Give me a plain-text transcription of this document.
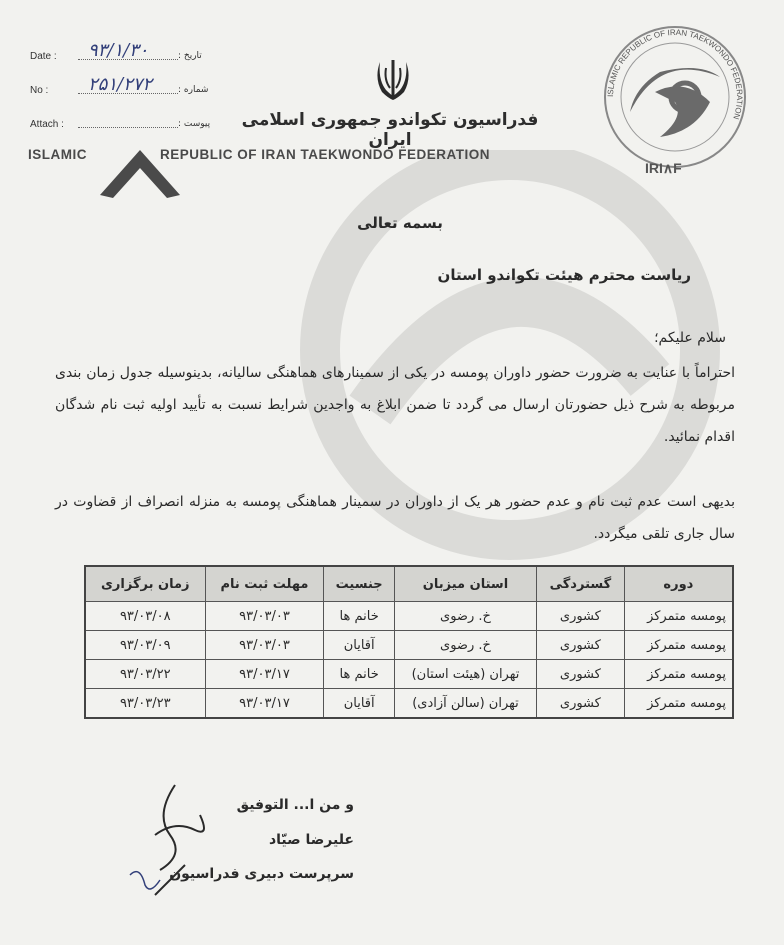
Date : ۹۳/۱/۳۰	تاریخ :
No : ۲۵۱/۲۷۲	شماره :
Attach :	پیوست : فدراسیون تکواندو جمهوری اسلامی ایران
ISLAMIC	REPUBLIC OF IRAN TAEKWONDO FEDERATION
ISLAMIC REPUBLIC OF IRAN TAEKWONDO FEDERATION
IRI∧F
بسمه تعالی
ریاست محترم هیئت تکواندو استان
سلام علیکم؛
احتراماً با عنایت به ضرورت حضور داوران پومسه در یکی از سمینارهای هماهنگی سالیانه، بدینوسیله جدول زمان بندی مربوطه به شرح ذیل حضورتان ارسال می گردد تا ضمن ابلاغ به واجدین شرایط نسبت به تأیید اولیه ثبت نام شدگان اقدام نمائید.
بدیهی است عدم ثبت نام و عدم حضور هر یک از داوران در سمینار هماهنگی پومسه به منزله انصراف از قضاوت در سال جاری تلقی میگردد.
دوره	گستردگی	استان میزبان	جنسیت	مهلت ثبت نام	زمان برگزاری
پومسه متمرکز	کشوری	خ. رضوی	خانم ها	۹۳/۰۳/۰۳	۹۳/۰۳/۰۸
پومسه متمرکز	کشوری	خ. رضوی	آقایان	۹۳/۰۳/۰۳	۹۳/۰۳/۰۹
پومسه متمرکز	کشوری	تهران (هیئت استان)	خانم ها	۹۳/۰۳/۱۷	۹۳/۰۳/۲۲
پومسه متمرکز	کشوری	تهران (سالن آزادی)	آقایان	۹۳/۰۳/۱۷	۹۳/۰۳/۲۳
و من ا... التوفیق
علیرضا صیّاد
سرپرست دبیری فدراسیون
